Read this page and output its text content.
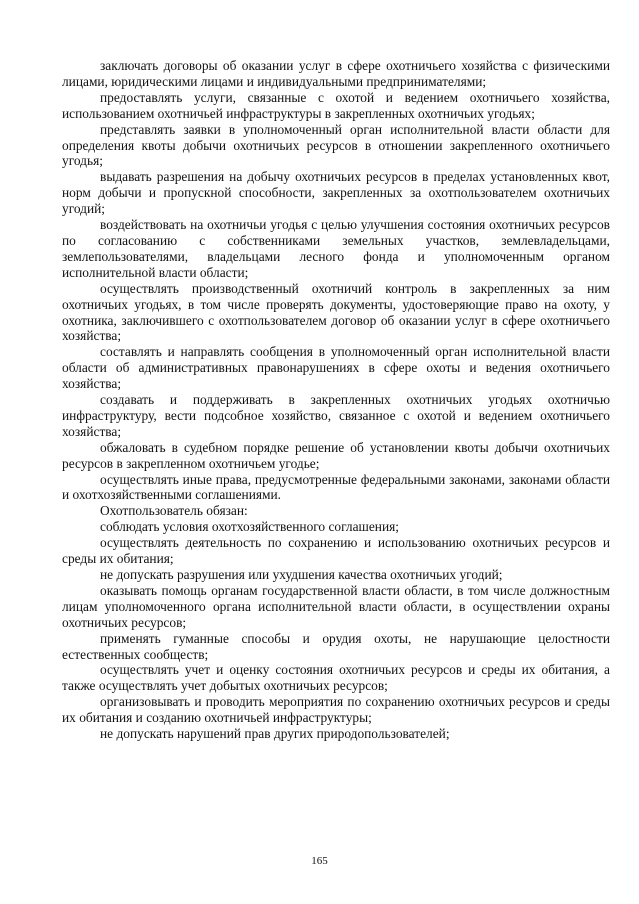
заключать договоры об оказании услуг в сфере охотничьего хозяйства с физическими лицами, юридическими лицами и индивидуальными предпринимателями;

предоставлять услуги, связанные с охотой и ведением охотничьего хозяйства, использованием охотничьей инфраструктуры в закрепленных охотничьих угодьях;

представлять заявки в уполномоченный орган исполнительной власти области для определения квоты добычи охотничьих ресурсов в отношении закрепленного охотничьего угодья;

выдавать разрешения на добычу охотничьих ресурсов в пределах установленных квот, норм добычи и пропускной способности, закрепленных за охотпользователем охотничьих угодий;

воздействовать на охотничьи угодья с целью улучшения состояния охотничьих ресурсов по согласованию с собственниками земельных участков, землевладельцами, землепользователями, владельцами лесного фонда и уполномоченным органом исполнительной власти области;

осуществлять производственный охотничий контроль в закрепленных за ним охотничьих угодьях, в том числе проверять документы, удостоверяющие право на охоту, у охотника, заключившего с охотпользователем договор об оказании услуг в сфере охотничьего хозяйства;

составлять и направлять сообщения в уполномоченный орган исполнительной власти области об административных правонарушениях в сфере охоты и ведения охотничьего хозяйства;

создавать и поддерживать в закрепленных охотничьих угодьях охотничью инфраструктуру, вести подсобное хозяйство, связанное с охотой и ведением охотничьего хозяйства;

обжаловать в судебном порядке решение об установлении квоты добычи охотничьих ресурсов в закрепленном охотничьем угодье;

осуществлять иные права, предусмотренные федеральными законами, законами области и охотхозяйственными соглашениями.

Охотпользователь обязан:

соблюдать условия охотхозяйственного соглашения;

осуществлять деятельность по сохранению и использованию охотничьих ресурсов и среды их обитания;

не допускать разрушения или ухудшения качества охотничьих угодий;

оказывать помощь органам государственной власти области, в том числе должностным лицам уполномоченного органа исполнительной власти области, в осуществлении охраны охотничьих ресурсов;

применять гуманные способы и орудия охоты, не нарушающие целостности естественных сообществ;

осуществлять учет и оценку состояния охотничьих ресурсов и среды их обитания, а также осуществлять учет добытых охотничьих ресурсов;

организовывать и проводить мероприятия по сохранению охотничьих ресурсов и среды их обитания и созданию охотничьей инфраструктуры;

не допускать нарушений прав других природопользователей;

165
